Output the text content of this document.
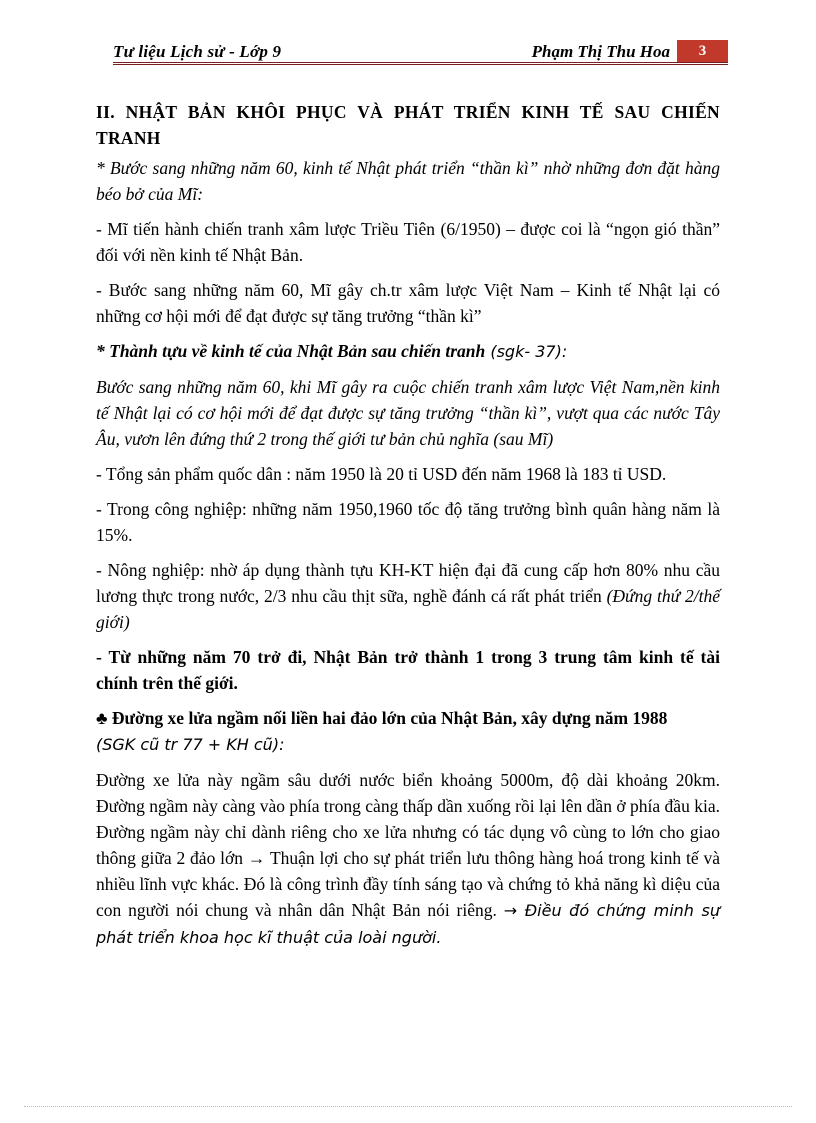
Tư liệu Lịch sử - Lớp 9	Phạm Thị Thu Hoa	3

II. NHẬT BẢN KHÔI PHỤC VÀ PHÁT TRIỂN KINH TẾ SAU CHIẾN TRANH

* Bước sang những năm 60, kinh tế Nhật phát triển “thần kì” nhờ những đơn đặt hàng béo bở của Mĩ:

- Mĩ tiến hành chiến tranh xâm lược Triều Tiên (6/1950) – được coi là “ngọn gió thần” đối với nền kinh tế Nhật Bản.

- Bước sang những năm 60, Mĩ gây ch.tr xâm lược Việt Nam – Kinh tế Nhật lại có những cơ hội mới để đạt được sự tăng trưởng “thần kì”

* Thành tựu về kinh tế của Nhật Bản sau chiến tranh (sgk- 37):

Bước sang những năm 60, khi Mĩ gây ra cuộc chiến tranh xâm lược Việt Nam,nền kinh tế Nhật lại có cơ hội mới để đạt được sự tăng trưởng “thần kì”, vượt qua các nước Tây Âu, vươn lên đứng thứ 2 trong thế giới tư bản chủ nghĩa (sau Mĩ)

- Tổng sản phẩm quốc dân : năm 1950 là 20 tỉ USD đến năm 1968 là 183 tỉ USD.

- Trong công nghiệp: những năm 1950,1960 tốc độ tăng trưởng bình quân hàng năm là 15%.

- Nông nghiệp: nhờ áp dụng thành tựu KH-KT hiện đại đã cung cấp hơn 80% nhu cầu lương thực trong nước, 2/3 nhu cầu thịt sữa, nghề đánh cá rất phát triển (Đứng thứ 2/thế giới)

- Từ những năm 70 trở đi, Nhật Bản trở thành 1 trong 3 trung tâm kinh tế tài chính trên thế giới.

♣ Đường xe lửa ngầm nối liền hai đảo lớn của Nhật Bản, xây dựng năm 1988
(SGK cũ tr 77 + KH cũ):

Đường xe lửa này ngầm sâu dưới nước biển khoảng 5000m, độ dài khoảng 20km. Đường ngầm này càng vào phía trong càng thấp dần xuống rồi lại lên dần ở phía đầu kia. Đường ngầm này chỉ dành riêng cho xe lửa nhưng có tác dụng vô cùng to lớn cho giao thông giữa 2 đảo lớn → Thuận lợi cho sự phát triển lưu thông hàng hoá trong kinh tế và nhiều lĩnh vực khác. Đó là công trình đầy tính sáng tạo và chứng tỏ khả năng kì diệu của con người nói chung và nhân dân Nhật Bản nói riêng. → Điều đó chứng minh sự phát triển khoa học kĩ thuật của loài người.
